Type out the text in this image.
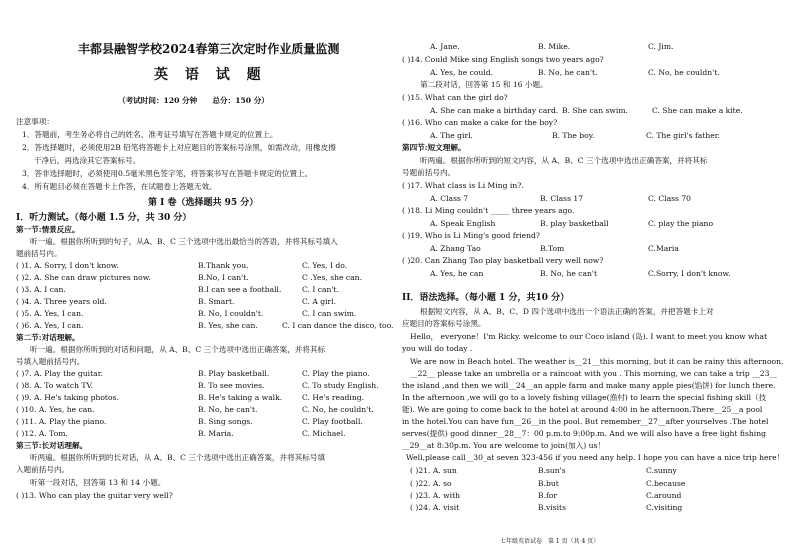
丰都县融智学校2024春第三次定时作业质量监测
英 语 试 题
（考试时间：120 分钟　　总分：150 分）
注意事项：
1．答题前，考生务必将自己的姓名、准考证号填写在答题卡规定的位置上。
2．答选择题时，必须使用2B 铅笔将答题卡上对应题目的答案标号涂黑，如需改动，用橡皮擦
干净后，再选涂其它答案标号。
3．答非选择题时，必须使用0.5毫米黑色签字笔，将答案书写在答题卡规定的位置上。
4．所有题目必须在答题卡上作答，在试题卷上答题无效。
第 I 卷（选择题共 95 分）
I．听力测试。（每小题 1.5 分，共 30 分）
第一节:情景反应。
听一遍。根据你所听到的句子，从A、B、C 三个选项中选出最恰当的答语，并将其标号填入
题前括号内。
( )1. A. Sorry, I don't know.	B.Thank you.	C. Yes, I do.
( )2. A. She can draw pictures now.	B.No, I can't.	C .Yes, she can.
( )3. A. I can.	B.I can see a football.	C. I can't.
( )4. A. Three years old.	B. Smart.	C. A girl.
( )5. A. Yes, I can.	B. No, I couldn't.	C. I can swim.
( )6. A. Yes, I can.	B. Yes, she can.	C. I can dance the disco, too.
第二节:对话理解。
听一遍。根据你所听到的对话和问题，从 A、B、C 三个选项中选出正确答案，并将其标
号填入题前括号内。
( )7. A. Play the guitar.	B. Play basketball.	C. Play the piano.
( )8. A. To watch TV.	B. To see movies.	C. To study English.
( )9. A. He's taking photos.	B. He's taking a walk.	C. He's reading.
( )10. A. Yes, he can.	B. No, he can't.	C. No, he couldn't.
( )11. A. Play the piano.	B. Sing songs.	C. Play football.
( )12. A. Tom.	B. Maria.	C. Michael.
第三节:长对话理解。
听两遍。根据你所听到的长对话，从 A、B、C 三个选项中选出正确答案，并将其标号填
入题前括号内。
听第一段对话，回答第 13 和 14 小题。
( )13. Who can play the guitar very well?
A. Jane.	B. Mike.	C. Jim.
( )14. Could Mike sing English songs two years ago?
A. Yes, he could.	B. No, he can't.	C. No, he couldn't.
第二段对话，回答第 15 和 16 小题。
( )15. What can the girl do?
A. She can make a birthday card. B. She can swim.	C. She can make a kite.
( )16. Who can make a cake for the boy?
A. The girl.	B. The boy.	C. The girl's father.
第四节:短文理解。
听两遍。根据你所听到的短文内容，从 A、B、C 三个选项中选出正确答案，并将其标
号题前括号内。
( )17. What class is Li Ming in?.
A. Class 7	B. Class 17	C. Class 70
( )18. Li Ming couldn't _____ three years ago.
A. Speak English	B. play basketball	C. play the piano
( )19. Who is Li Ming's good friend?
A. Zhang Tao	B.Tom	C.Maria
( )20. Can Zhang Tao play basketball very well now?
A. Yes, he can	B. No, he can't	C.Sorry, I don't know.
II．语法选择。（每小题 1 分，共10 分）
根据短文内容，从 A、B、C、D 四个选项中选出一个语法正确的答案，并把答题卡上对
应题目的答案标号涂黑。
Hello， everyone！I'm Ricky. welcome to our Coco island (岛). I want to meet you know what
you will do today .
We are now in Beach hotel. The weather is__21__this morning, but it can be rainy this afternoon,
__22__ please take an umbrella or a raincoat with you . This morning, we can take a trip __23__
the island ,and then we will__24__an apple farm and make many apple pies(馅饼) for lunch there.
In the afternoon ,we will go to a lovely fishing village(渔村) to learn the special fishing skill（技
能). We are going to come back to the hotel at around 4:00 in he afternoon.There__25__a pool
in the hotel.You can have fun__26__in the pool. But remember__27__after yourselves .The hotel
serves(提供) good dinner__28__7：00 p.m.to 9:00p.m. And we will also have a free light fishing
__29__at 8:30p.m. You are welcome to join(加入) us！
Well,please call__30_at seven 323-456 if you need any help. I hope you can have a nice trip here！
( )21. A. sun	B.sun's	C.sunny
( )22. A. so	B.but	C.because
( )23. A. with	B.for	C.around
( )24. A. visit	B.visits	C.visiting
七年级英语试卷　第 1 页（共 4 页）
